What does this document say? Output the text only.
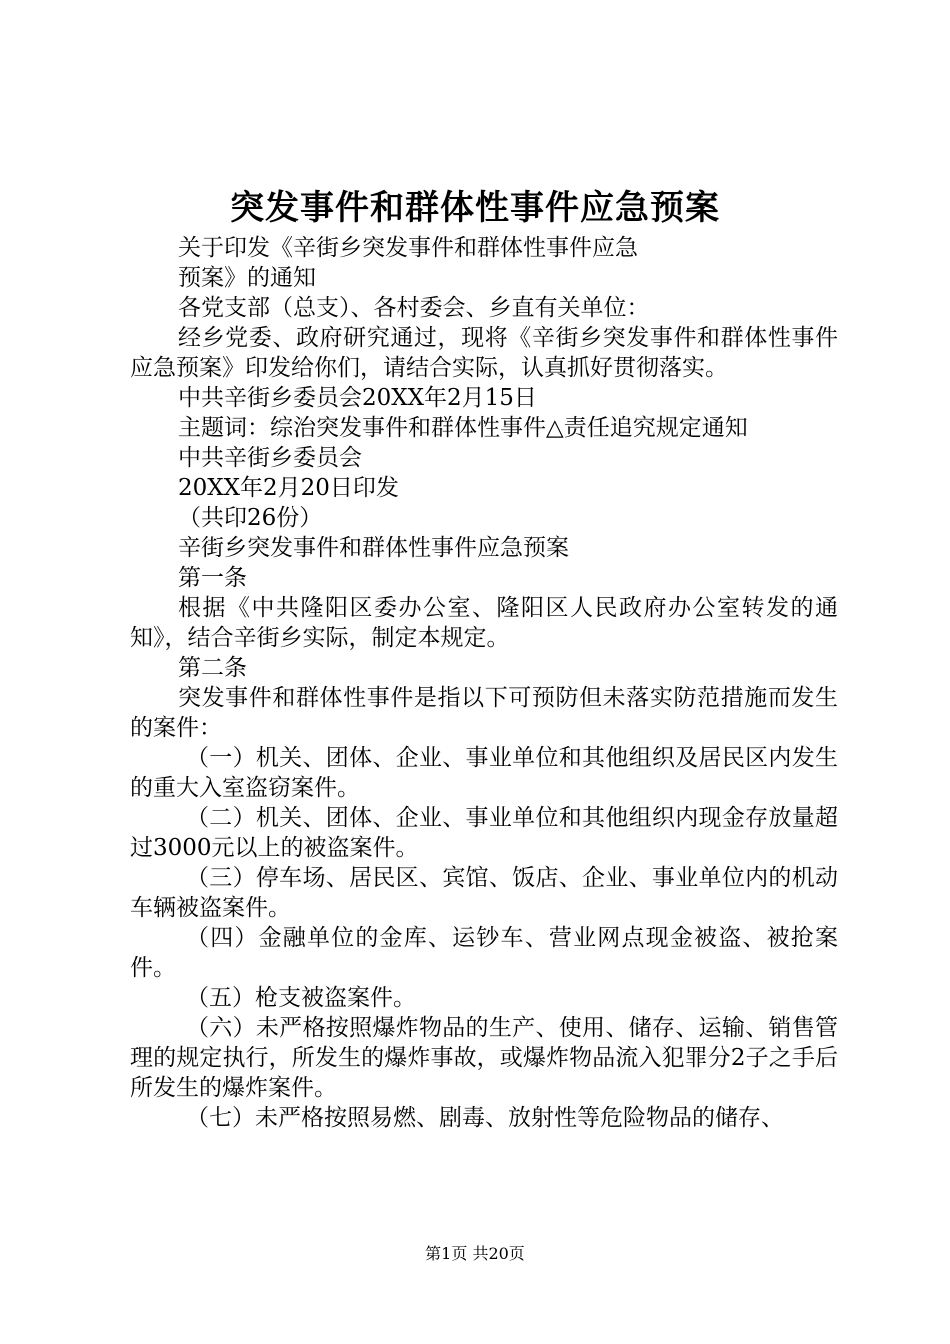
突发事件和群体性事件应急预案

关于印发《辛街乡突发事件和群体性事件应急

预案》的通知

各党支部（总支）、各村委会、乡直有关单位：

经乡党委、政府研究通过，现将《辛街乡突发事件和群体性事件应急预案》印发给你们，请结合实际，认真抓好贯彻落实。

中共辛街乡委员会20XX年2月15日

主题词：综治突发事件和群体性事件△责任追究规定通知

中共辛街乡委员会

20XX年2月20日印发

（共印26份）

辛街乡突发事件和群体性事件应急预案

第一条

根据《中共隆阳区委办公室、隆阳区人民政府办公室转发的通知》，结合辛街乡实际，制定本规定。

第二条

突发事件和群体性事件是指以下可预防但未落实防范措施而发生的案件：

（一）机关、团体、企业、事业单位和其他组织及居民区内发生的重大入室盗窃案件。

（二）机关、团体、企业、事业单位和其他组织内现金存放量超过3000元以上的被盗案件。

（三）停车场、居民区、宾馆、饭店、企业、事业单位内的机动车辆被盗案件。

（四）金融单位的金库、运钞车、营业网点现金被盗、被抢案件。

（五）枪支被盗案件。

（六）未严格按照爆炸物品的生产、使用、储存、运输、销售管理的规定执行，所发生的爆炸事故，或爆炸物品流入犯罪分2子之手后所发生的爆炸案件。

（七）未严格按照易燃、剧毒、放射性等危险物品的储存、

第1页 共20页
